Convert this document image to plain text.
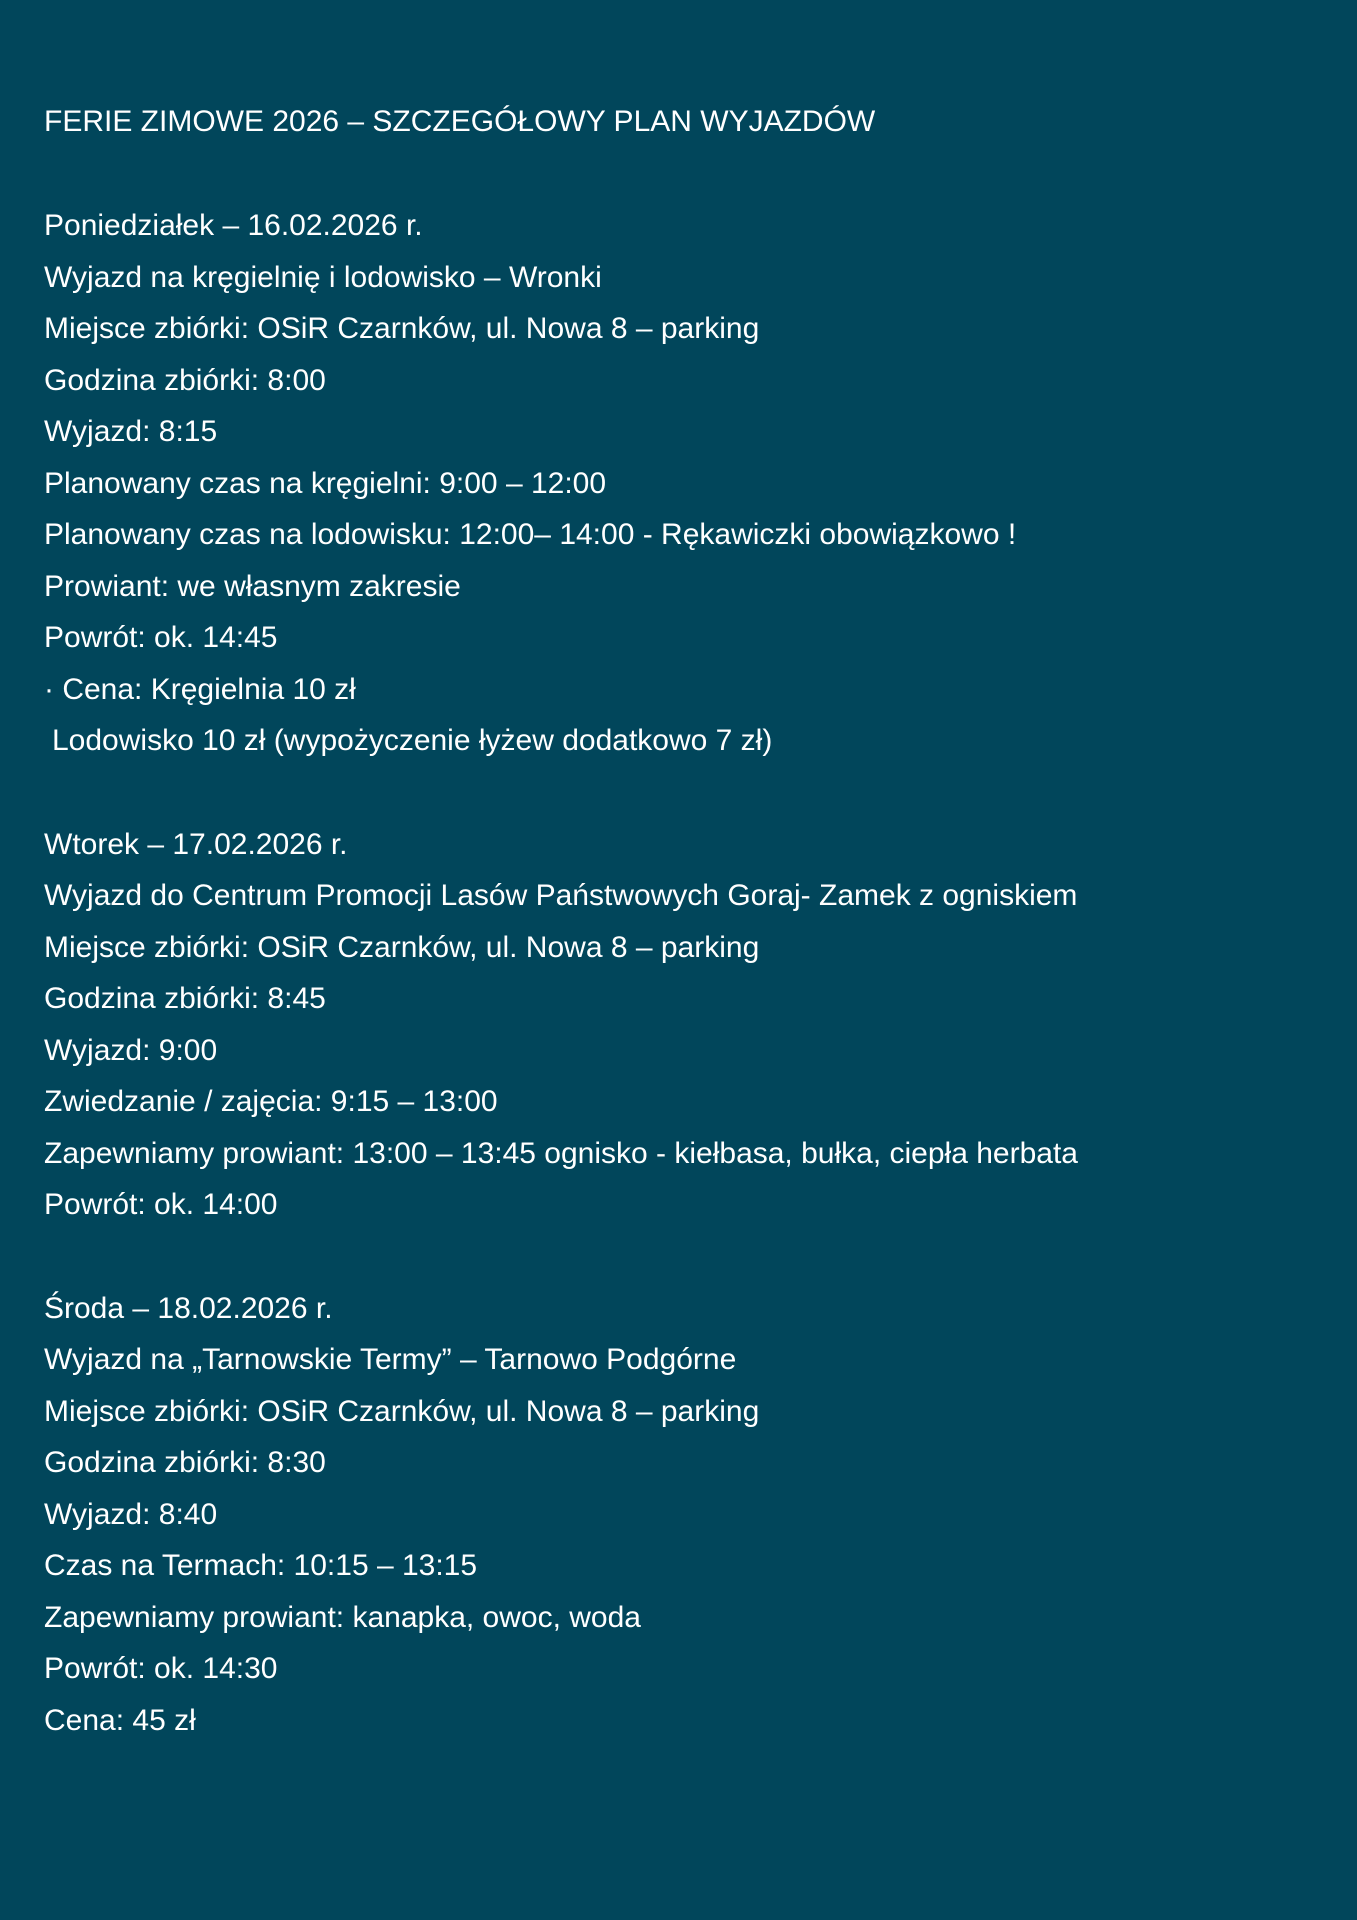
FERIE ZIMOWE 2026 – SZCZEGÓŁOWY PLAN WYJAZDÓW
Poniedziałek – 16.02.2026 r.
Wyjazd na kręgielnię i lodowisko – Wronki
Miejsce zbiórki: OSiR Czarnków, ul. Nowa 8 – parking
Godzina zbiórki: 8:00
Wyjazd: 8:15
Planowany czas na kręgielni: 9:00 – 12:00
Planowany czas na lodowisku: 12:00– 14:00 - Rękawiczki obowiązkowo !
Prowiant: we własnym zakresie
Powrót: ok. 14:45
· Cena: Kręgielnia 10 zł
Lodowisko 10 zł (wypożyczenie łyżew dodatkowo 7 zł)
Wtorek – 17.02.2026 r.
Wyjazd do Centrum Promocji Lasów Państwowych Goraj- Zamek z ogniskiem
Miejsce zbiórki: OSiR Czarnków, ul. Nowa 8 – parking
Godzina zbiórki: 8:45
Wyjazd: 9:00
Zwiedzanie / zajęcia: 9:15 – 13:00
Zapewniamy prowiant: 13:00 – 13:45 ognisko - kiełbasa, bułka, ciepła herbata
Powrót: ok. 14:00
Środa – 18.02.2026 r.
Wyjazd na „Tarnowskie Termy” – Tarnowo Podgórne
Miejsce zbiórki: OSiR Czarnków, ul. Nowa 8 – parking
Godzina zbiórki: 8:30
Wyjazd: 8:40
Czas na Termach: 10:15 – 13:15
Zapewniamy prowiant: kanapka, owoc, woda
Powrót: ok. 14:30
Cena: 45 zł
